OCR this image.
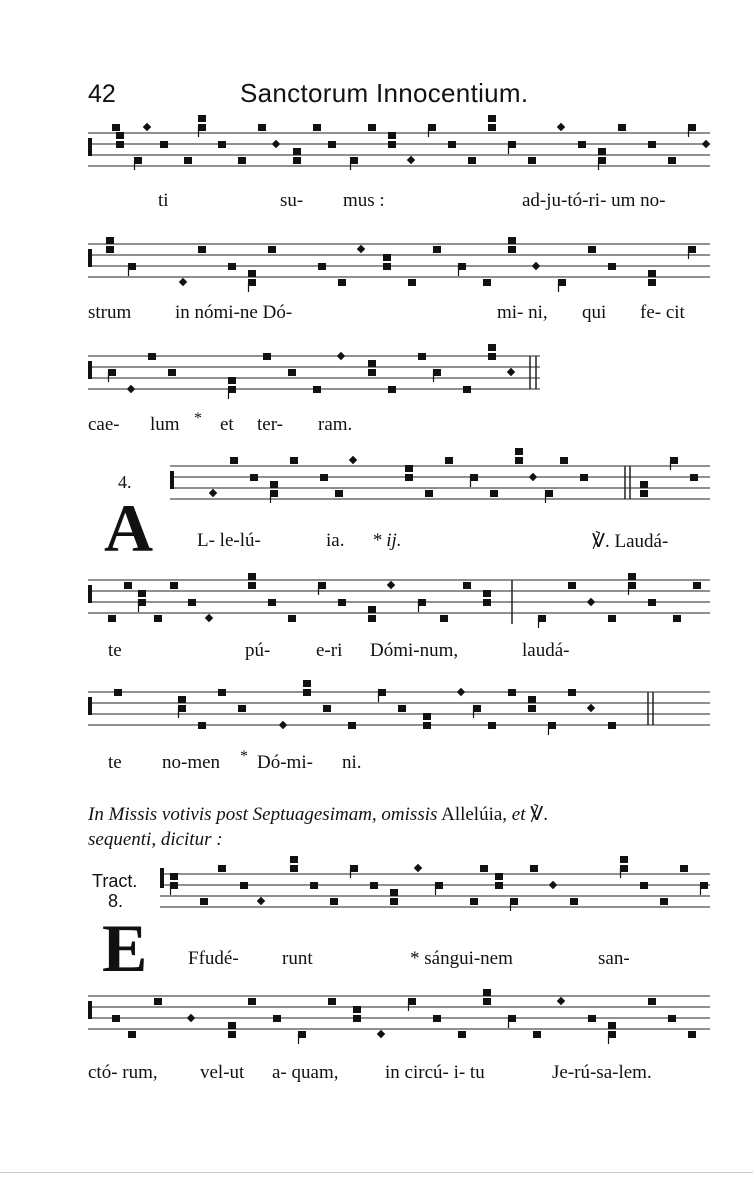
42	Sanctorum Innocentium.
ti	su- mus :	ad-ju-tó-ri- um no-
strum in nómi-ne Dó-	mi- ni, qui fe- cit
cae- lum * et ter- ram.
4.
A L- le-lú-	ia. * ij.	℣. Laudá-
te	pú- e-ri Dómi-num,	laudá-
te no-men * Dó-mi- ni.
In Missis votivis post Septuagesimam, omissis Allelúia, et ℣.
sequenti, dicitur :
Tract.
8.
E Ffudé- runt	* sángui-nem	san-
ctó- rum, vel-ut a- quam, in circú- i- tu	Je-rú-sa-lem.
